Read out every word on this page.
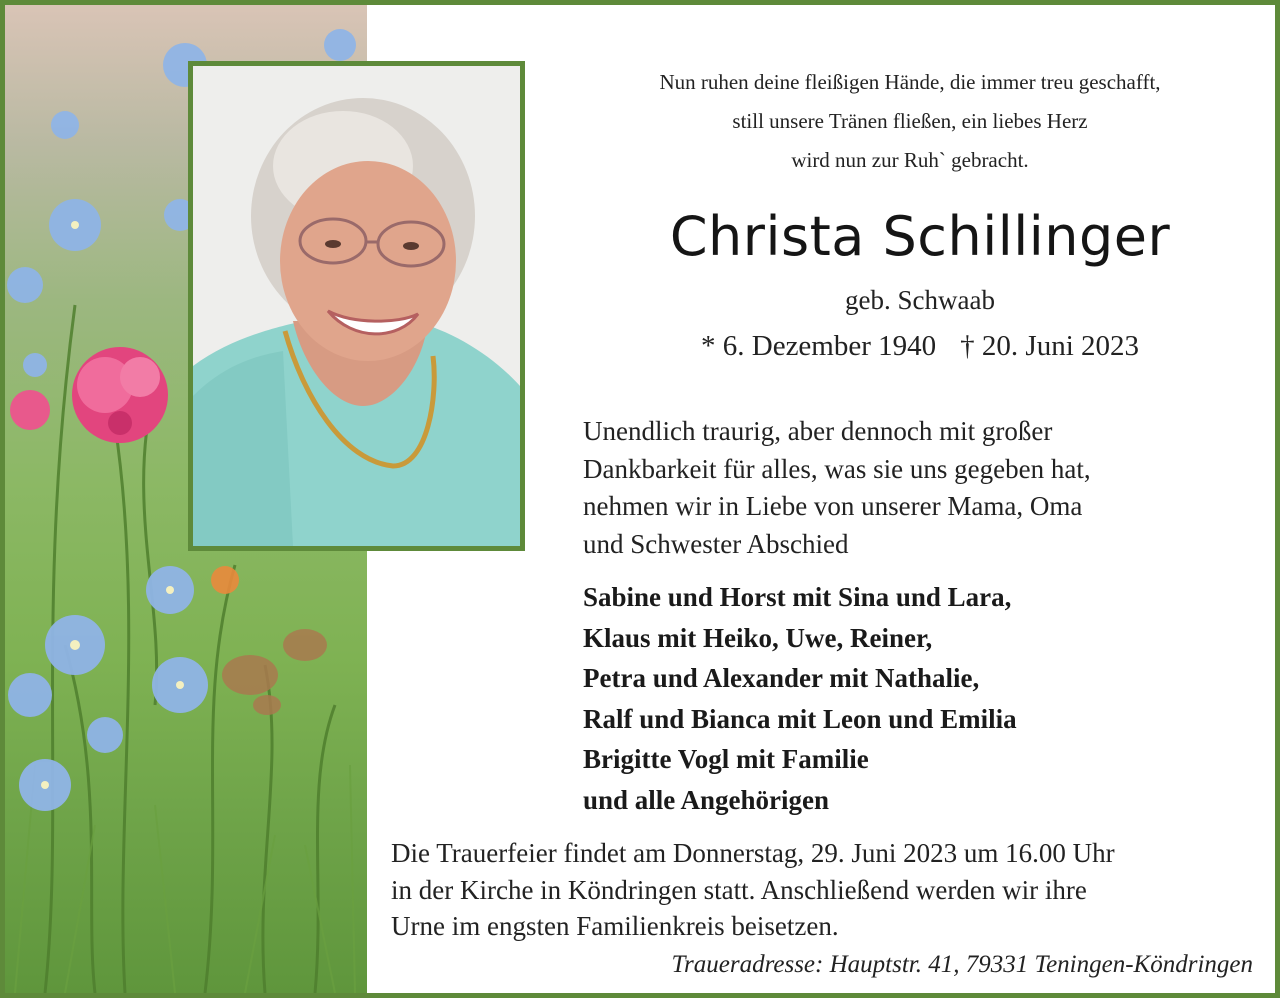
Nun ruhen deine fleißigen Hände, die immer treu geschafft,
still unsere Tränen fließen, ein liebes Herz
wird nun zur Ruh` gebracht.
Christa Schillinger
geb. Schwaab
* 6. Dezember 1940 † 20. Juni 2023
Unendlich traurig, aber dennoch mit großer
Dankbarkeit für alles, was sie uns gegeben hat,
nehmen wir in Liebe von unserer Mama, Oma
und Schwester Abschied
Sabine und Horst mit Sina und Lara,
Klaus mit Heiko, Uwe, Reiner,
Petra und Alexander mit Nathalie,
Ralf und Bianca mit Leon und Emilia
Brigitte Vogl mit Familie
und alle Angehörigen
Die Trauerfeier findet am Donnerstag, 29. Juni 2023 um 16.00 Uhr
in der Kirche in Köndringen statt. Anschließend werden wir ihre
Urne im engsten Familienkreis beisetzen.
Traueradresse: Hauptstr. 41, 79331 Teningen-Köndringen
